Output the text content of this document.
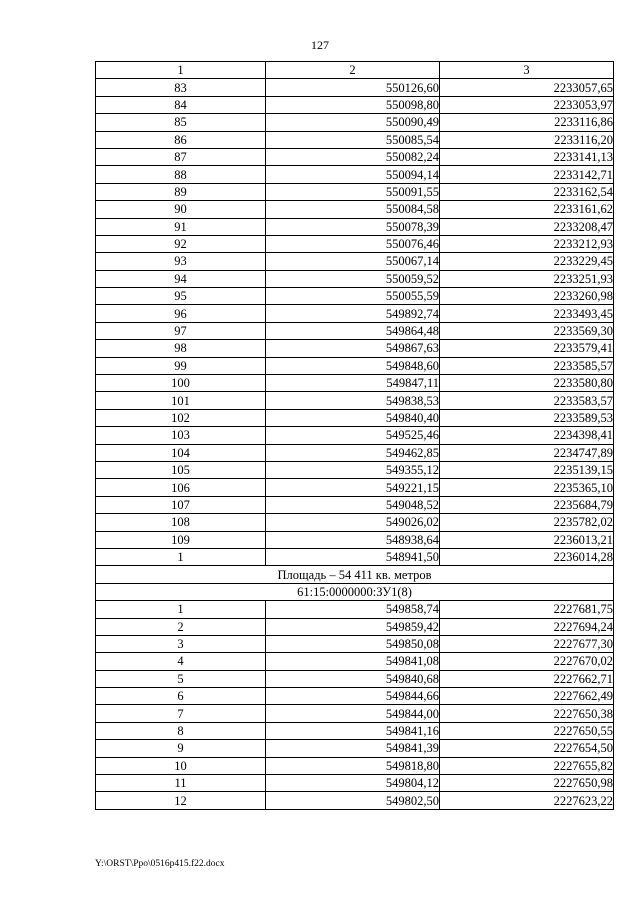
127
1	2	3
83	550126,60	2233057,65
84	550098,80	2233053,97
85	550090,49	2233116,86
86	550085,54	2233116,20
87	550082,24	2233141,13
88	550094,14	2233142,71
89	550091,55	2233162,54
90	550084,58	2233161,62
91	550078,39	2233208,47
92	550076,46	2233212,93
93	550067,14	2233229,45
94	550059,52	2233251,93
95	550055,59	2233260,98
96	549892,74	2233493,45
97	549864,48	2233569,30
98	549867,63	2233579,41
99	549848,60	2233585,57
100	549847,11	2233580,80
101	549838,53	2233583,57
102	549840,40	2233589,53
103	549525,46	2234398,41
104	549462,85	2234747,89
105	549355,12	2235139,15
106	549221,15	2235365,10
107	549048,52	2235684,79
108	549026,02	2235782,02
109	548938,64	2236013,21
1	548941,50	2236014,28
Площадь – 54 411 кв. метров		
61:15:0000000:ЗУ1(8)		
1	549858,74	2227681,75
2	549859,42	2227694,24
3	549850,08	2227677,30
4	549841,08	2227670,02
5	549840,68	2227662,71
6	549844,66	2227662,49
7	549844,00	2227650,38
8	549841,16	2227650,55
9	549841,39	2227654,50
10	549818,80	2227655,82
11	549804,12	2227650,98
12	549802,50	2227623,22
Y:\ORST\Ppo\0516p415.f22.docx
